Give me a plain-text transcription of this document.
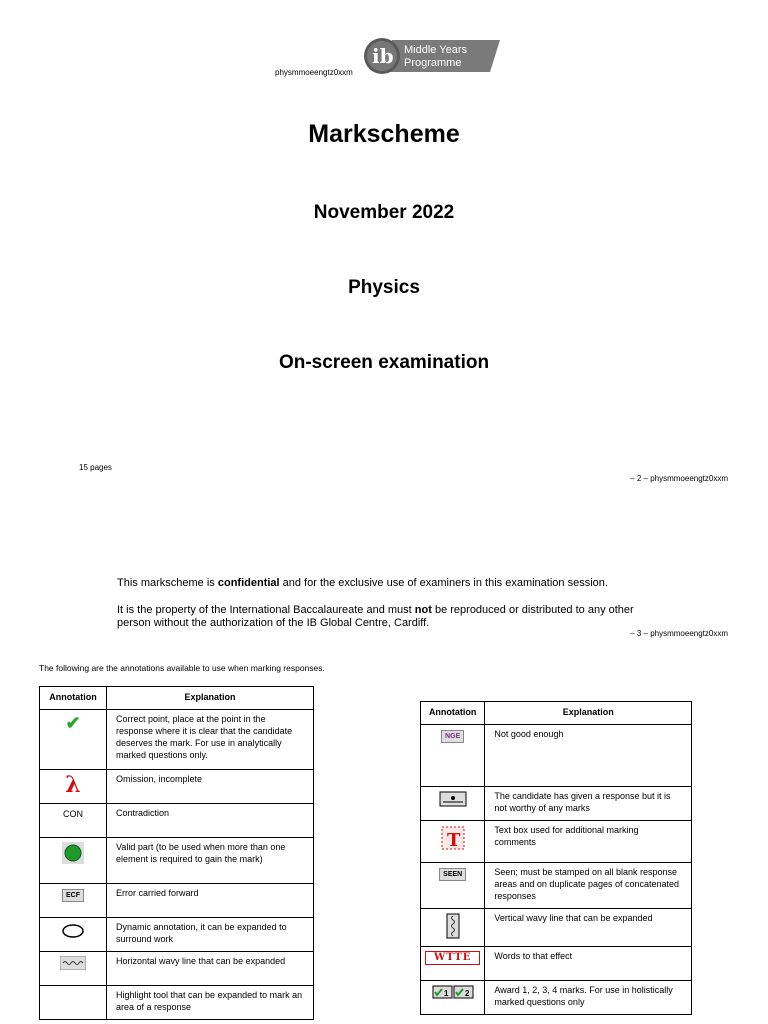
physmmoeengtz0xxm
ib Middle Years
Programme
Markscheme
November 2022
Physics
On-screen examination
15 pages
– 2 – physmmoeengtz0xxm
This markscheme is confidential and for the exclusive use of examiners in this examination session.
It is the property of the International Baccalaureate and must not be reproduced or distributed to any other person without the authorization of the IB Global Centre, Cardiff.
– 3 – physmmoeengtz0xxm
The following are the annotations available to use when marking responses.
Annotation	Explanation
✔	Correct point, place at the point in the response where it is clear that the candidate deserves the mark. For use in analytically marked questions only.
λ	Omission, incomplete
CON	Contradiction
	Valid part (to be used when more than one element is required to gain the mark)
ECF	Error carried forward
	Dynamic annotation, it can be expanded to surround work
	Horizontal wavy line that can be expanded
	Highlight tool that can be expanded to mark an area of a response
Annotation	Explanation
NGE	Not good enough
	The candidate has given a response but it is not worthy of any marks

T	Text box used for additional marking comments
SEEN	Seen; must be stamped on all blank response areas and on duplicate pages of concatenated responses
	Vertical wavy line that can be expanded
WTTE	Words to that effect

1 2	Award 1, 2, 3, 4 marks. For use in holistically marked questions only
